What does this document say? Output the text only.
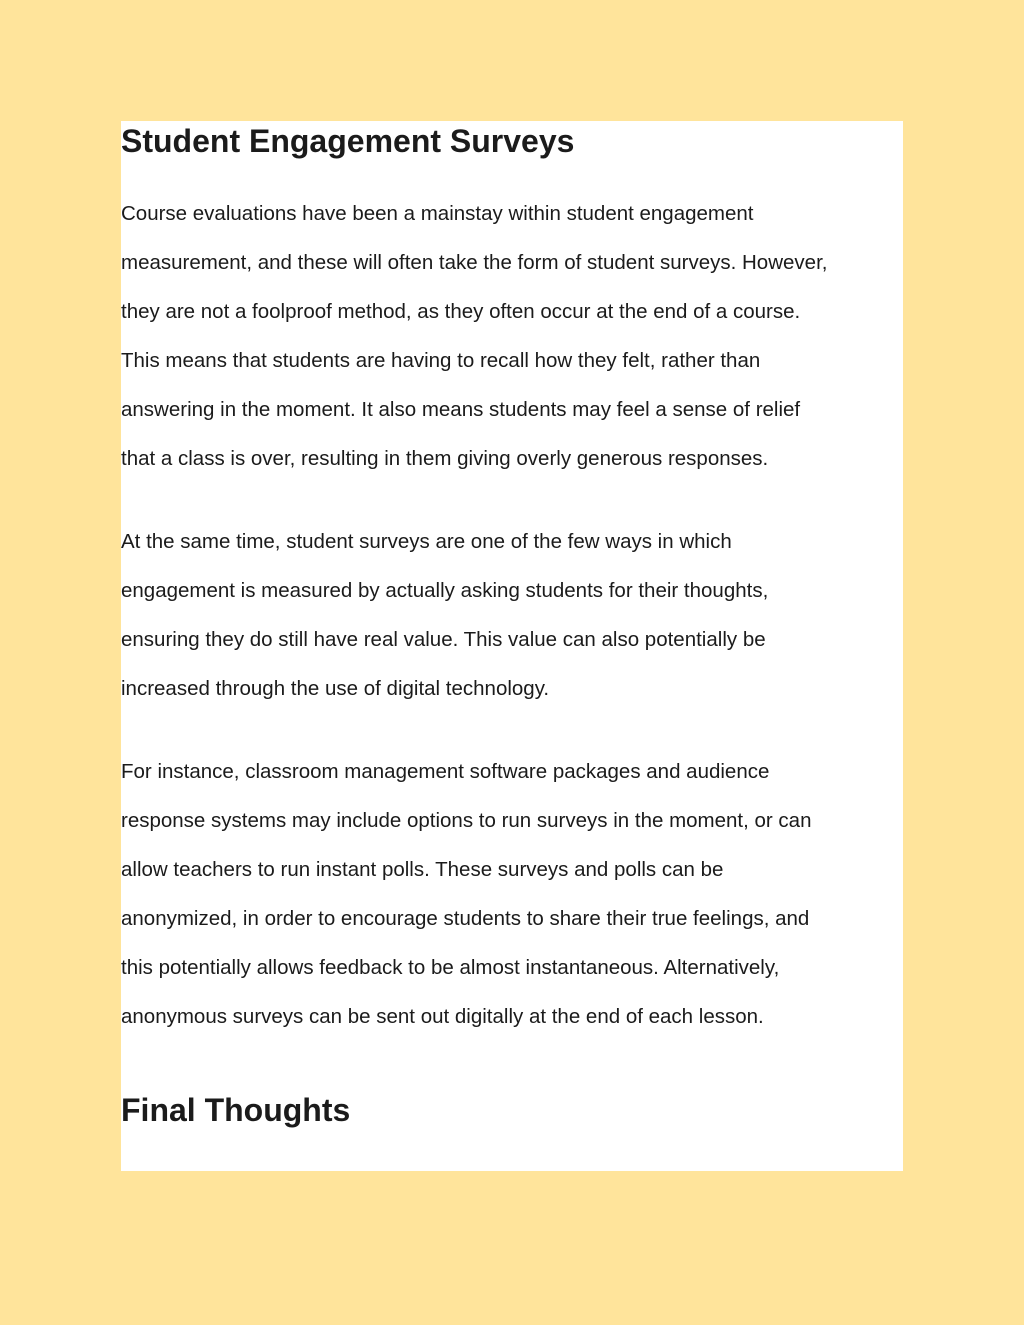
Student Engagement Surveys

Course evaluations have been a mainstay within student engagement
measurement, and these will often take the form of student surveys. However,
they are not a foolproof method, as they often occur at the end of a course.
This means that students are having to recall how they felt, rather than
answering in the moment. It also means students may feel a sense of relief
that a class is over, resulting in them giving overly generous responses.

At the same time, student surveys are one of the few ways in which
engagement is measured by actually asking students for their thoughts,
ensuring they do still have real value. This value can also potentially be
increased through the use of digital technology.

For instance, classroom management software packages and audience
response systems may include options to run surveys in the moment, or can
allow teachers to run instant polls. These surveys and polls can be
anonymized, in order to encourage students to share their true feelings, and
this potentially allows feedback to be almost instantaneous. Alternatively,
anonymous surveys can be sent out digitally at the end of each lesson.

Final Thoughts
